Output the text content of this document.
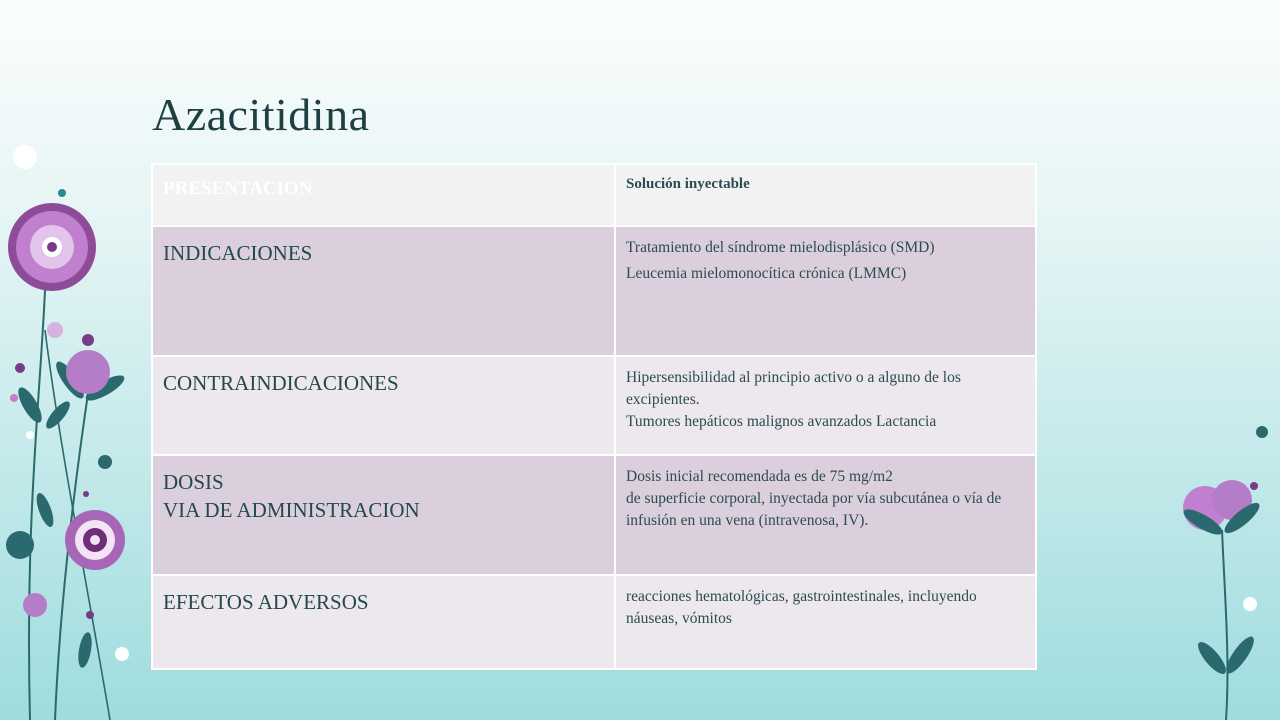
Azacitidina
PRESENTACION	Solución inyectable

INDICACIONES	Tratamiento del síndrome mielodisplásico (SMD)
Leucemia mielomonocítica crónica (LMMC)

CONTRAINDICACIONES	Hipersensibilidad al principio activo o a alguno de los excipientes.
Tumores hepáticos malignos avanzados Lactancia

DOSIS
VIA DE ADMINISTRACION	Dosis inicial recomendada es de 75 mg/m2
de superficie corporal, inyectada por vía subcutánea o vía de infusión en una vena (intravenosa, IV).

EFECTOS ADVERSOS	reacciones hematológicas, gastrointestinales, incluyendo náuseas, vómitos
